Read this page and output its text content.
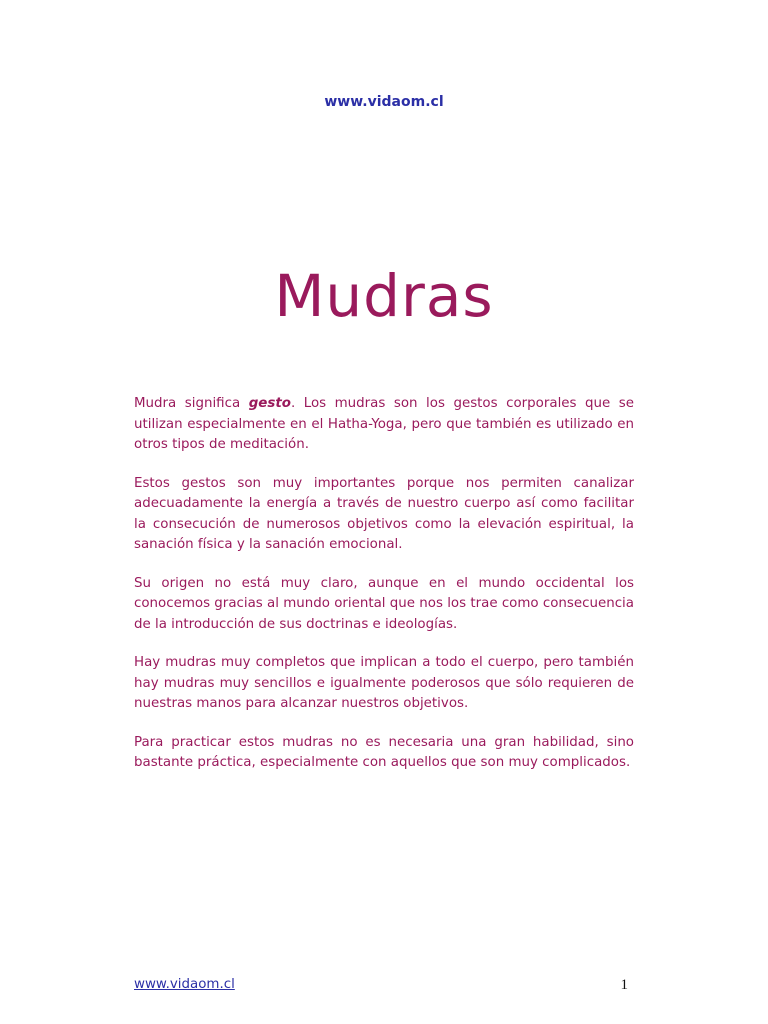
www.vidaom.cl
Mudras

Mudra significa gesto. Los mudras son los gestos corporales que se utilizan especialmente en el Hatha-Yoga, pero que también es utilizado en otros tipos de meditación.

Estos gestos son muy importantes porque nos permiten canalizar adecuadamente la energía a través de nuestro cuerpo así como facilitar la consecución de numerosos objetivos como la elevación espiritual, la sanación física y la sanación emocional.

Su origen no está muy claro, aunque en el mundo occidental los conocemos gracias al mundo oriental que nos los trae como consecuencia de la introducción de sus doctrinas e ideologías.

Hay mudras muy completos que implican a todo el cuerpo, pero también hay mudras muy sencillos e igualmente poderosos que sólo requieren de nuestras manos para alcanzar nuestros objetivos.

Para practicar estos mudras no es necesaria una gran habilidad, sino bastante práctica, especialmente con aquellos que son muy complicados.

www.vidaom.cl	1
